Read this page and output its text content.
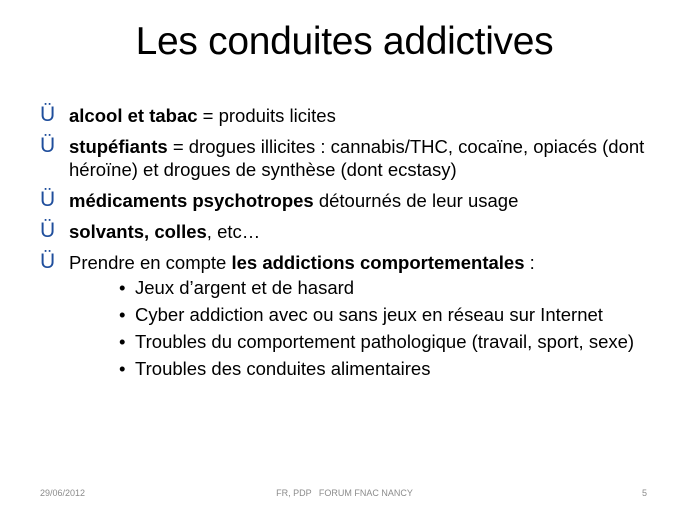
Les conduites addictives
Ü alcool et tabac = produits licites
Ü stupéfiants = drogues illicites : cannabis/THC, cocaïne, opiacés (dont héroïne) et drogues de synthèse (dont ecstasy)
Ü médicaments psychotropes détournés de leur usage
Ü solvants, colles, etc…
Ü Prendre en compte les addictions comportementales :
• Jeux d’argent et de hasard
• Cyber addiction avec ou sans jeux en réseau sur Internet
• Troubles du comportement pathologique (travail, sport, sexe)
• Troubles des conduites alimentaires
29/06/2012	FR, PDP   FORUM FNAC NANCY	5
